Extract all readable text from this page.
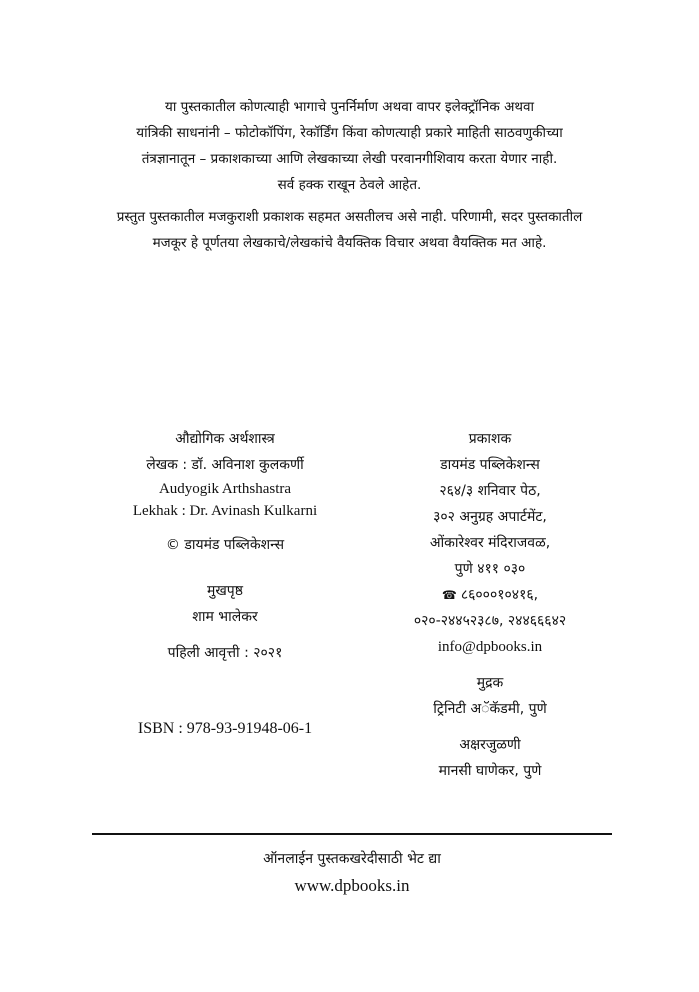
या पुस्तकातील कोणत्याही भागाचे पुनर्निर्माण अथवा वापर इलेक्ट्रॉनिक अथवा
यांत्रिकी साधनांनी – फोटोकॉपिंग, रेकॉर्डिंग किंवा कोणत्याही प्रकारे माहिती साठवणुकीच्या
तंत्रज्ञानातून – प्रकाशकाच्या आणि लेखकाच्या लेखी परवानगीशिवाय करता येणार नाही.
सर्व हक्क राखून ठेवले आहेत.
प्रस्तुत पुस्तकातील मजकुराशी प्रकाशक सहमत असतीलच असे नाही. परिणामी, सदर पुस्तकातील
मजकूर हे पूर्णतया लेखकाचे/लेखकांचे वैयक्तिक विचार अथवा वैयक्तिक मत आहे.
औद्योगिक अर्थशास्त्र
लेखक : डॉ. अविनाश कुलकर्णी
Audyogik Arthshastra
Lekhak : Dr. Avinash Kulkarni
© डायमंड पब्लिकेशन्स
मुखपृष्ठ
शाम भालेकर
पहिली आवृत्ती : २०२१
ISBN : 978-93-91948-06-1
प्रकाशक
डायमंड पब्लिकेशन्स
२६४/३ शनिवार पेठ,
३०२ अनुग्रह अपार्टमेंट,
ओंकारेश्वर मंदिराजवळ,
पुणे ४११ ०३०
☎ ८६०००१०४१६,
०२०-२४४५२३८७, २४४६६६४२
info@dpbooks.in
मुद्रक
ट्रिनिटी अॅकॅडमी, पुणे
अक्षरजुळणी
मानसी घाणेकर, पुणे
ऑनलाईन पुस्तकखरेदीसाठी भेट द्या
www.dpbooks.in
